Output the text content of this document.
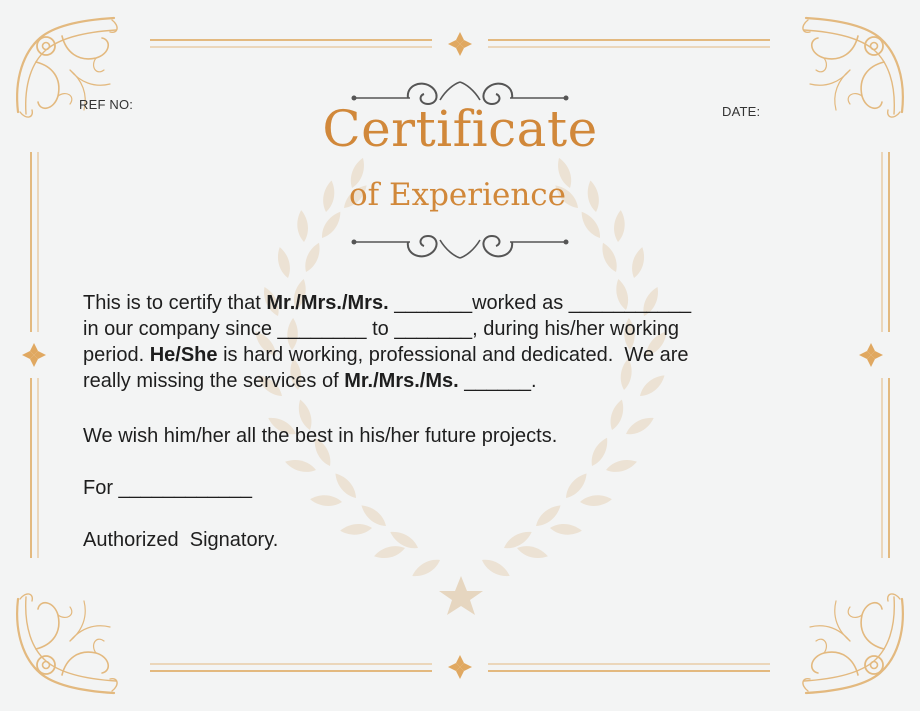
REF NO:	DATE:
Certificate
of Experience
This is to certify that Mr./Mrs./Mrs. _______worked as ___________
in our company since ________ to _______, during his/her working
period. He/She is hard working, professional and dedicated.  We are
really missing the services of Mr./Mrs./Ms. ______.
We wish him/her all the best in his/her future projects.
For ____________
Authorized  Signatory.
